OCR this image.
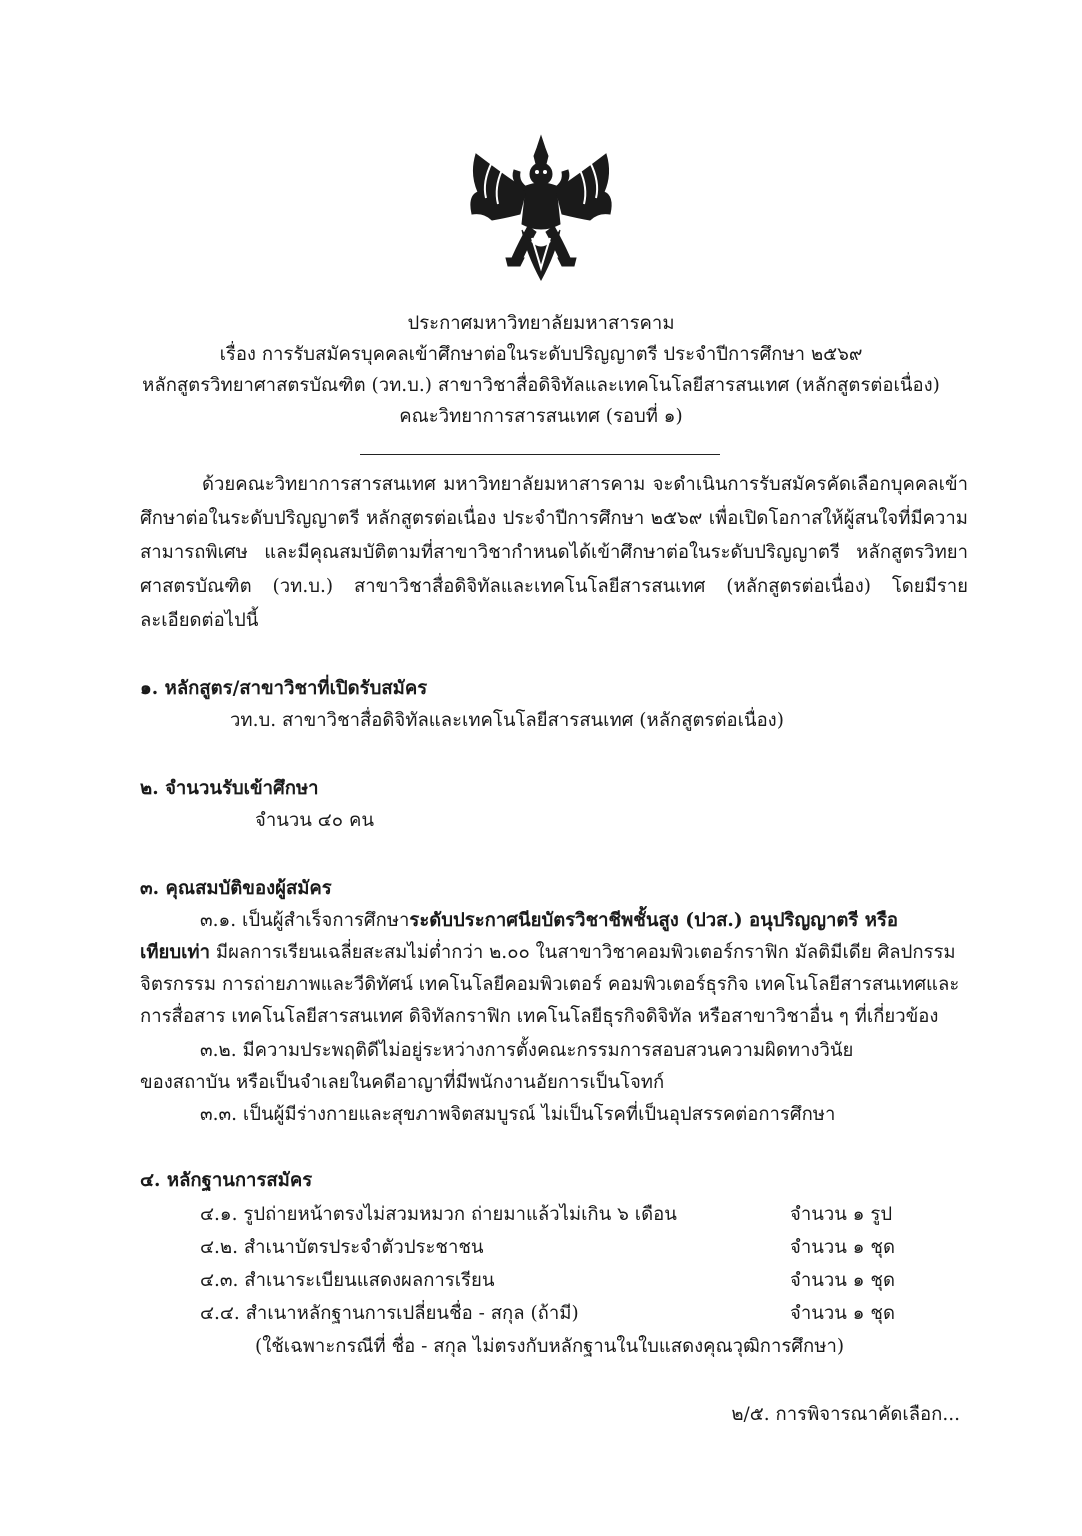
ประกาศมหาวิทยาลัยมหาสารคาม
เรื่อง การรับสมัครบุคคลเข้าศึกษาต่อในระดับปริญญาตรี ประจำปีการศึกษา ๒๕๖๙
หลักสูตรวิทยาศาสตรบัณฑิต (วท.บ.) สาขาวิชาสื่อดิจิทัลและเทคโนโลยีสารสนเทศ (หลักสูตรต่อเนื่อง)
คณะวิทยาการสารสนเทศ (รอบที่ ๑)

ด้วยคณะวิทยาการสารสนเทศ มหาวิทยาลัยมหาสารคาม จะดำเนินการรับสมัครคัดเลือกบุคคลเข้าศึกษาต่อในระดับปริญญาตรี หลักสูตรต่อเนื่อง ประจำปีการศึกษา ๒๕๖๙ เพื่อเปิดโอกาสให้ผู้สนใจที่มีความสามารถพิเศษ และมีคุณสมบัติตามที่สาขาวิชากำหนดได้เข้าศึกษาต่อในระดับปริญญาตรี หลักสูตรวิทยาศาสตรบัณฑิต (วท.บ.) สาขาวิชาสื่อดิจิทัลและเทคโนโลยีสารสนเทศ (หลักสูตรต่อเนื่อง) โดยมีรายละเอียดต่อไปนี้

๑. หลักสูตร/สาขาวิชาที่เปิดรับสมัคร
วท.บ. สาขาวิชาสื่อดิจิทัลและเทคโนโลยีสารสนเทศ (หลักสูตรต่อเนื่อง)
๒. จำนวนรับเข้าศึกษา
จำนวน ๔๐ คน
๓. คุณสมบัติของผู้สมัคร
๓.๑. เป็นผู้สำเร็จการศึกษาระดับประกาศนียบัตรวิชาชีพชั้นสูง (ปวส.) อนุปริญญาตรี หรือ
เทียบเท่า มีผลการเรียนเฉลี่ยสะสมไม่ต่ำกว่า ๒.๐๐ ในสาขาวิชาคอมพิวเตอร์กราฟิก มัลติมีเดีย ศิลปกรรม
จิตรกรรม การถ่ายภาพและวีดิทัศน์ เทคโนโลยีคอมพิวเตอร์ คอมพิวเตอร์ธุรกิจ เทคโนโลยีสารสนเทศและ
การสื่อสาร เทคโนโลยีสารสนเทศ ดิจิทัลกราฟิก เทคโนโลยีธุรกิจดิจิทัล หรือสาขาวิชาอื่น ๆ ที่เกี่ยวข้อง
๓.๒. มีความประพฤติดีไม่อยู่ระหว่างการตั้งคณะกรรมการสอบสวนความผิดทางวินัย
ของสถาบัน หรือเป็นจำเลยในคดีอาญาที่มีพนักงานอัยการเป็นโจทก์
๓.๓. เป็นผู้มีร่างกายและสุขภาพจิตสมบูรณ์ ไม่เป็นโรคที่เป็นอุปสรรคต่อการศึกษา
๔. หลักฐานการสมัคร
๔.๑. รูปถ่ายหน้าตรงไม่สวมหมวก ถ่ายมาแล้วไม่เกิน ๖ เดือน	จำนวน ๑ รูป
๔.๒. สำเนาบัตรประจำตัวประชาชน	จำนวน ๑ ชุด
๔.๓. สำเนาระเบียนแสดงผลการเรียน	จำนวน ๑ ชุด
๔.๔. สำเนาหลักฐานการเปลี่ยนชื่อ - สกุล (ถ้ามี)	จำนวน ๑ ชุด
(ใช้เฉพาะกรณีที่ ชื่อ - สกุล ไม่ตรงกับหลักฐานในใบแสดงคุณวุฒิการศึกษา)
๒/๕. การพิจารณาคัดเลือก...
